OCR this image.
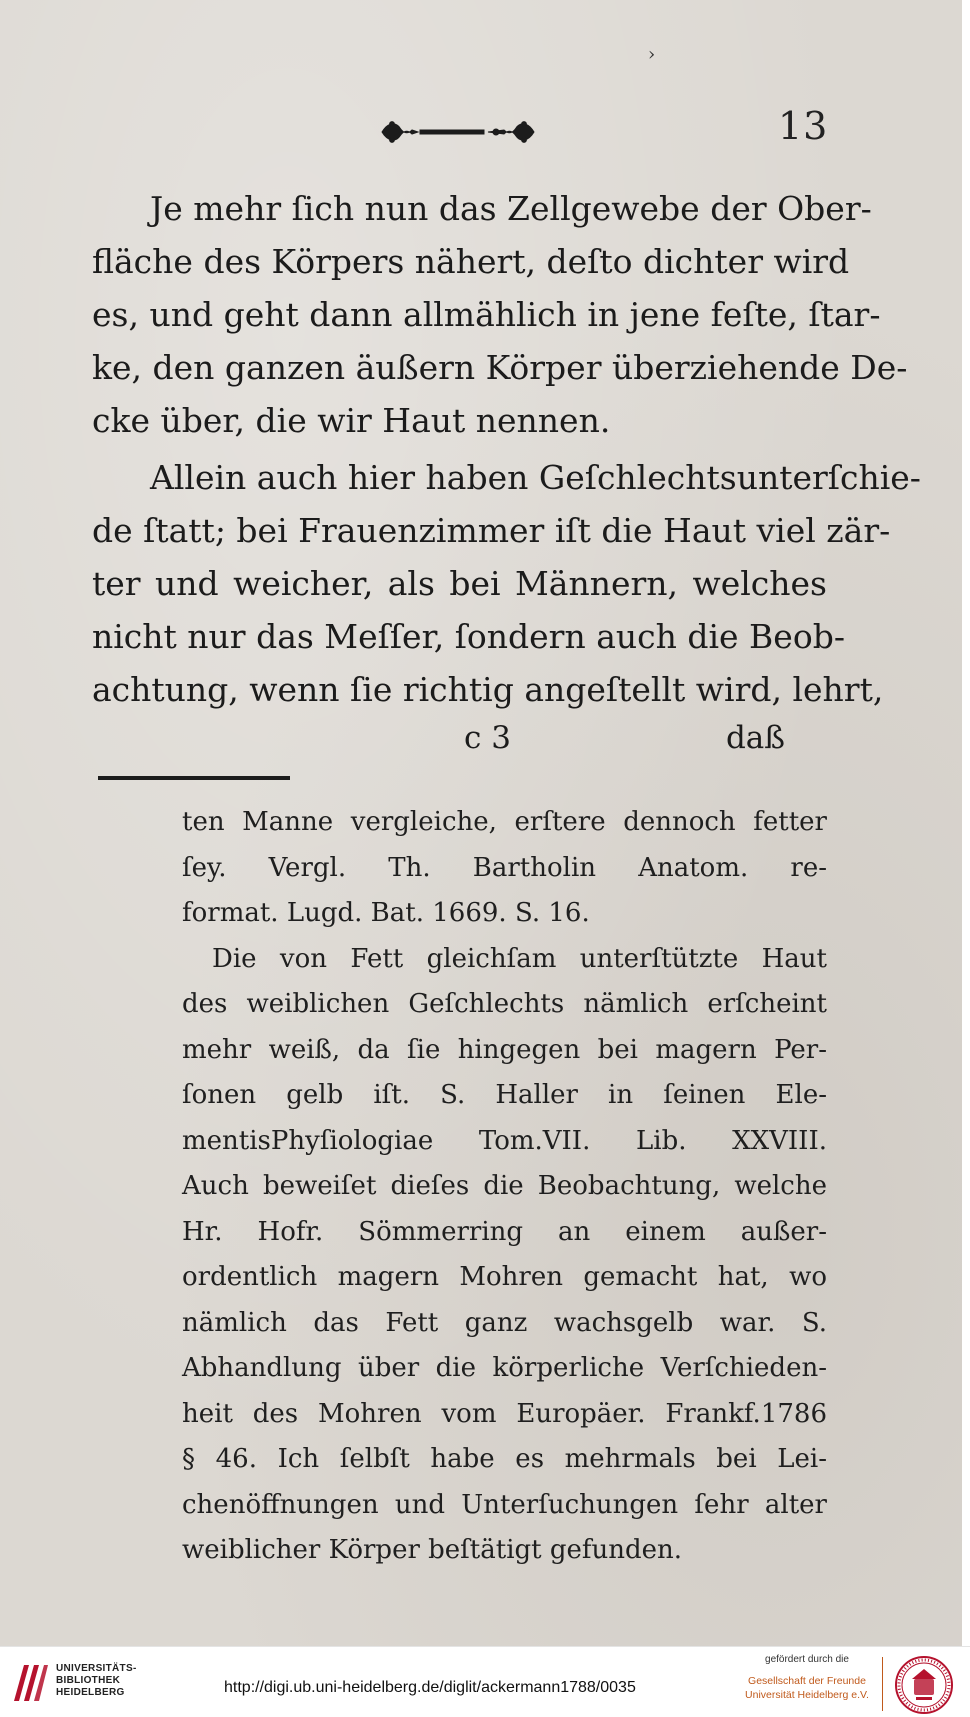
›
13
Je mehr ſich nun das Zellgewebe der Ober-
fläche des Körpers nähert, deſto dichter wird
es, und geht dann allmählich in jene feſte, ſtar-
ke, den ganzen äußern Körper überziehende De-
cke über, die wir Haut nennen.
Allein auch hier haben Geſchlechtsunterſchie-
de ſtatt; bei Frauenzimmer iſt die Haut viel zär-
ter und weicher, als bei Männern, welches
nicht nur das Meſſer, ſondern auch die Beob-
achtung, wenn ſie richtig angeſtellt wird, lehrt,
c 3	daß
ten Manne vergleiche, erſtere dennoch fetter
ſey. Vergl. Th. Bartholin Anatom. re-
format. Lugd. Bat. 1669. S. 16.
Die von Fett gleichſam unterſtützte Haut
des weiblichen Geſchlechts nämlich erſcheint
mehr weiß, da ſie hingegen bei magern Per-
ſonen gelb iſt. S. Haller in ſeinen Ele-
mentisPhyſiologiae Tom.VII. Lib. XXVIII.
Auch beweiſet dieſes die Beobachtung, welche
Hr. Hofr. Sömmerring an einem außer-
ordentlich magern Mohren gemacht hat, wo
nämlich das Fett ganz wachsgelb war. S.
Abhandlung über die körperliche Verſchieden-
heit des Mohren vom Europäer. Frankf.1786
§ 46. Ich ſelbſt habe es mehrmals bei Lei-
chenöffnungen und Unterſuchungen ſehr alter
weiblicher Körper beſtätigt gefunden.
UNIVERSITÄTS-
BIBLIOTHEK
HEIDELBERG	http://digi.ub.uni-heidelberg.de/diglit/ackermann1788/0035
gefördert durch die
Gesellschaft der Freunde
Universität Heidelberg e.V.
